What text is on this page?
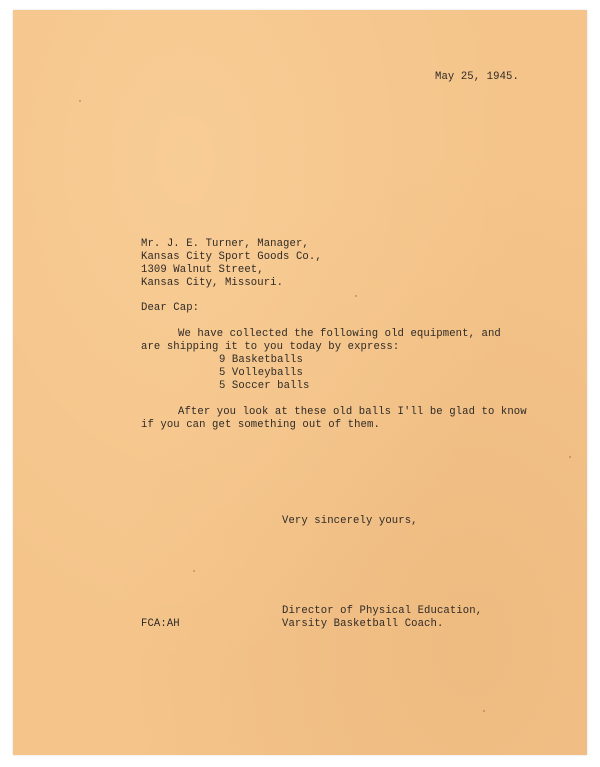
May 25, 1945.
Mr. J. E. Turner, Manager,
Kansas City Sport Goods Co.,
1309 Walnut Street,
Kansas City, Missouri.
Dear Cap:
We have collected the following old equipment, and
are shipping it to you today by express:
9 Basketballs
5 Volleyballs
5 Soccer balls
After you look at these old balls I'll be glad to know
if you can get something out of them.
Very sincerely yours,
Director of Physical Education,
Varsity Basketball Coach.
FCA:AH
